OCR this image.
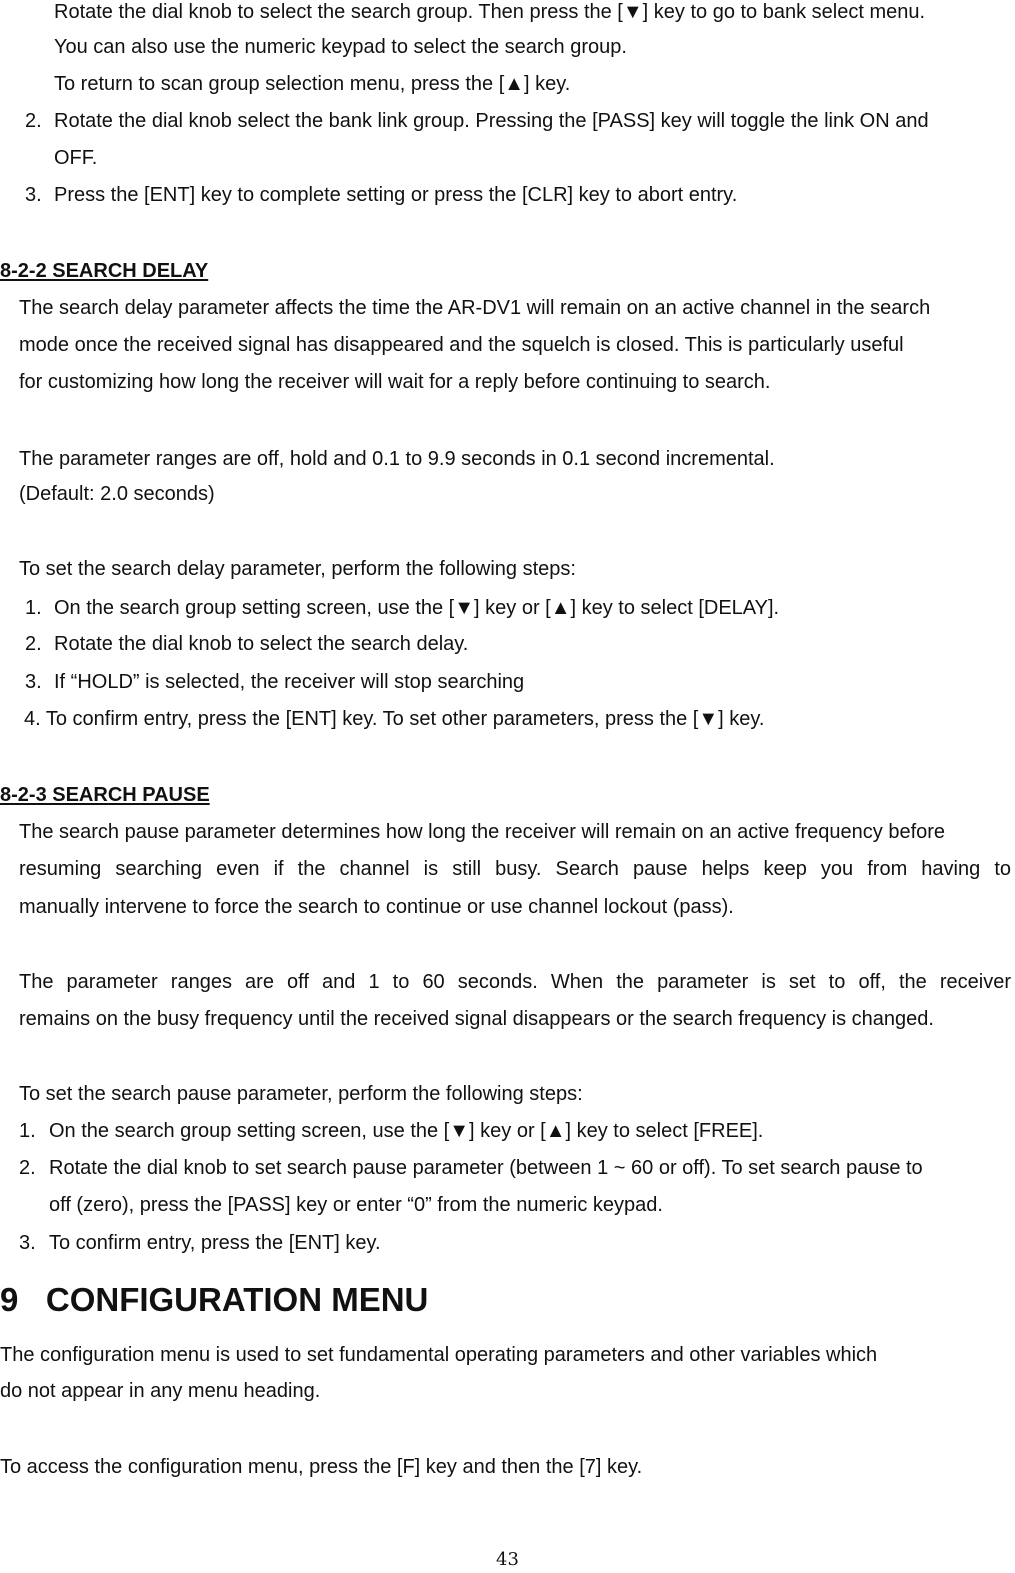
Rotate the dial knob to select the search group. Then press the [▼] key to go to bank select menu.
You can also use the numeric keypad to select the search group.
To return to scan group selection menu, press the [▲] key.
2. Rotate the dial knob select the bank link group. Pressing the [PASS] key will toggle the link ON and
OFF.
3. Press the [ENT] key to complete setting or press the [CLR] key to abort entry.
8-2-2 SEARCH DELAY
The search delay parameter affects the time the AR-DV1 will remain on an active channel in the search
mode once the received signal has disappeared and the squelch is closed. This is particularly useful
for customizing how long the receiver will wait for a reply before continuing to search.
The parameter ranges are off, hold and 0.1 to 9.9 seconds in 0.1 second incremental.
(Default: 2.0 seconds)
To set the search delay parameter, perform the following steps:
1. On the search group setting screen, use the [▼] key or [▲] key to select [DELAY].
2. Rotate the dial knob to select the search delay.
3. If “HOLD” is selected, the receiver will stop searching
4. To confirm entry, press the [ENT] key. To set other parameters, press the [▼] key.
8-2-3 SEARCH PAUSE
The search pause parameter determines how long the receiver will remain on an active frequency before
resuming searching even if the channel is still busy. Search pause helps keep you from having to
manually intervene to force the search to continue or use channel lockout (pass).
The parameter ranges are off and 1 to 60 seconds. When the parameter is set to off, the receiver
remains on the busy frequency until the received signal disappears or the search frequency is changed.
To set the search pause parameter, perform the following steps:
1. On the search group setting screen, use the [▼] key or [▲] key to select [FREE].
2. Rotate the dial knob to set search pause parameter (between 1 ~ 60 or off). To set search pause to
off (zero), press the [PASS] key or enter “0” from the numeric keypad.
3. To confirm entry, press the [ENT] key.
9   CONFIGURATION MENU
The configuration menu is used to set fundamental operating parameters and other variables which
do not appear in any menu heading.
To access the configuration menu, press the [F] key and then the [7] key.
43
